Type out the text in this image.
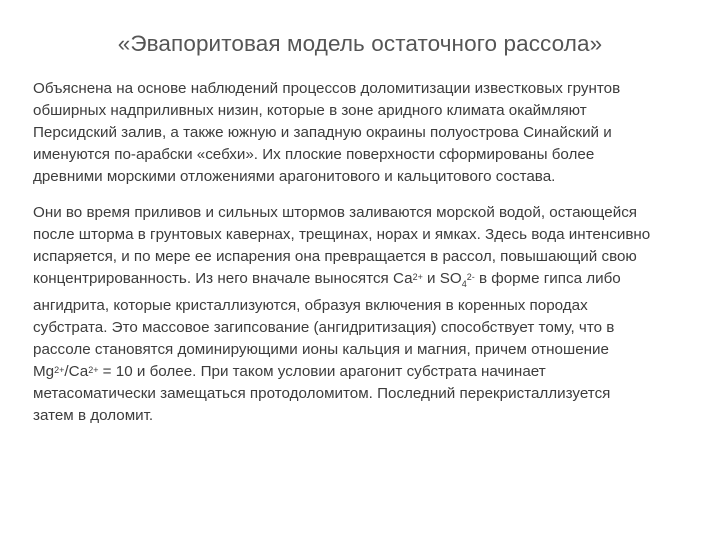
«Эвапоритовая модель остаточного рассола»

Объяснена на основе наблюдений процессов доломитизации известковых грунтов
обширных надприливных низин, которые в зоне аридного климата окаймляют
Персидский залив, а также южную и западную окраины полуострова Синайский и
именуются по-арабски «себхи». Их плоские поверхности сформированы более
древними морскими отложениями арагонитового и кальцитового состава.

Они во время приливов и сильных штормов заливаются морской водой, остающейся
после шторма в грунтовых кавернах, трещинах, норах и ямках. Здесь вода интенсивно
испаряется, и по мере ее испарения она превращается в рассол, повышающий свою
концентрированность. Из него вначале выносятся $Са^{2+}$ и $SO_4^{2-}$ в форме гипса либо
ангидрита, которые кристаллизуются, образуя включения в коренных породах
субстрата. Это массовое загипсование (ангидритизация) способствует тому, что в
рассоле становятся доминирующими ионы кальция и магния, причем отношение
$Mg^{2+}/Са^{2+} = 10$ и более. При таком условии арагонит субстрата начинает
метасоматически замещаться протодоломитом. Последний перекристаллизуется
затем в доломит.
